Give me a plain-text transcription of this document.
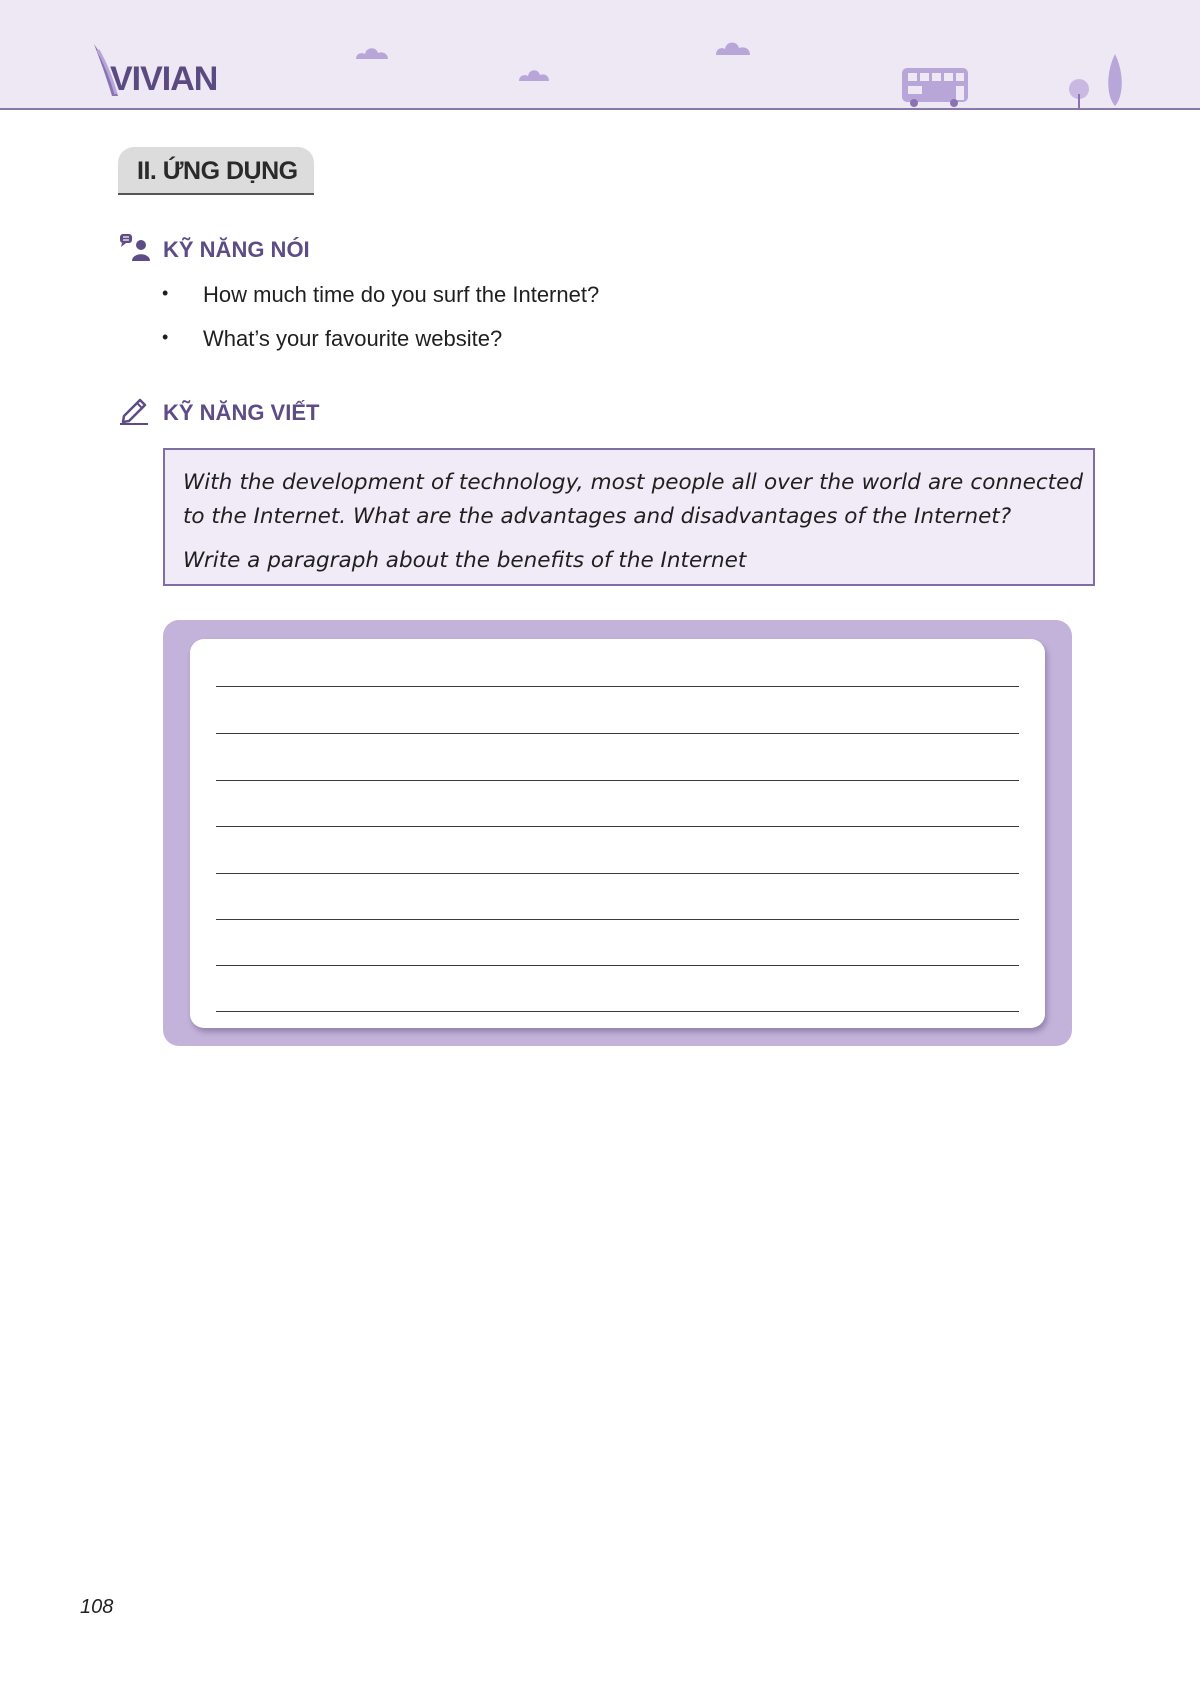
VIVIAN
II. ỨNG DỤNG
KỸ NĂNG NÓI
• How much time do you surf the Internet?
• What’s your favourite website?
KỸ NĂNG VIẾT
With the development of technology, most people all over the world are connected to the Internet. What are the advantages and disadvantages of the Internet?
Write a paragraph about the benefits of the Internet
108
